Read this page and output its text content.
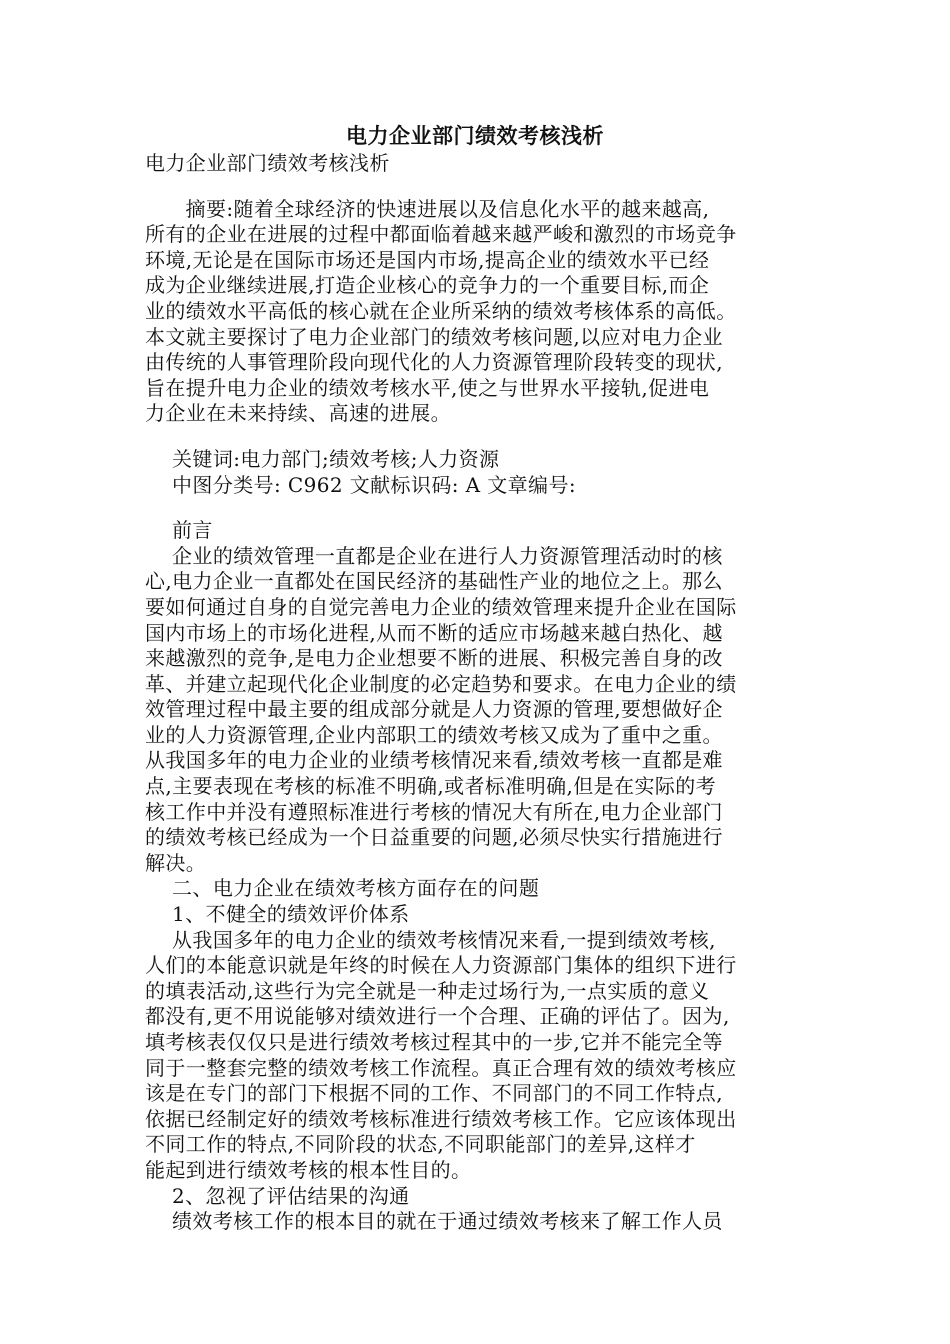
电力企业部门绩效考核浅析
电力企业部门绩效考核浅析
摘要:随着全球经济的快速进展以及信息化水平的越来越高,
所有的企业在进展的过程中都面临着越来越严峻和激烈的市场竞争
环境,无论是在国际市场还是国内市场,提高企业的绩效水平已经
成为企业继续进展,打造企业核心的竞争力的一个重要目标,而企
业的绩效水平高低的核心就在企业所采纳的绩效考核体系的高低。
本文就主要探讨了电力企业部门的绩效考核问题,以应对电力企业
由传统的人事管理阶段向现代化的人力资源管理阶段转变的现状,
旨在提升电力企业的绩效考核水平,使之与世界水平接轨,促进电
力企业在未来持续、高速的进展。
关键词:电力部门;绩效考核;人力资源
中图分类号: C962 文献标识码: A 文章编号:
前言
企业的绩效管理一直都是企业在进行人力资源管理活动时的核
心,电力企业一直都处在国民经济的基础性产业的地位之上。那么
要如何通过自身的自觉完善电力企业的绩效管理来提升企业在国际
国内市场上的市场化进程,从而不断的适应市场越来越白热化、越
来越激烈的竞争,是电力企业想要不断的进展、积极完善自身的改
革、并建立起现代化企业制度的必定趋势和要求。在电力企业的绩
效管理过程中最主要的组成部分就是人力资源的管理,要想做好企
业的人力资源管理,企业内部职工的绩效考核又成为了重中之重。
从我国多年的电力企业的业绩考核情况来看,绩效考核一直都是难
点,主要表现在考核的标准不明确,或者标准明确,但是在实际的考
核工作中并没有遵照标准进行考核的情况大有所在,电力企业部门
的绩效考核已经成为一个日益重要的问题,必须尽快实行措施进行
解决。
二、电力企业在绩效考核方面存在的问题
1、不健全的绩效评价体系
从我国多年的电力企业的绩效考核情况来看,一提到绩效考核,
人们的本能意识就是年终的时候在人力资源部门集体的组织下进行
的填表活动,这些行为完全就是一种走过场行为,一点实质的意义
都没有,更不用说能够对绩效进行一个合理、正确的评估了。因为,
填考核表仅仅只是进行绩效考核过程其中的一步,它并不能完全等
同于一整套完整的绩效考核工作流程。真正合理有效的绩效考核应
该是在专门的部门下根据不同的工作、不同部门的不同工作特点,
依据已经制定好的绩效考核标准进行绩效考核工作。它应该体现出
不同工作的特点,不同阶段的状态,不同职能部门的差异,这样才
能起到进行绩效考核的根本性目的。
2、忽视了评估结果的沟通
绩效考核工作的根本目的就在于通过绩效考核来了解工作人员
